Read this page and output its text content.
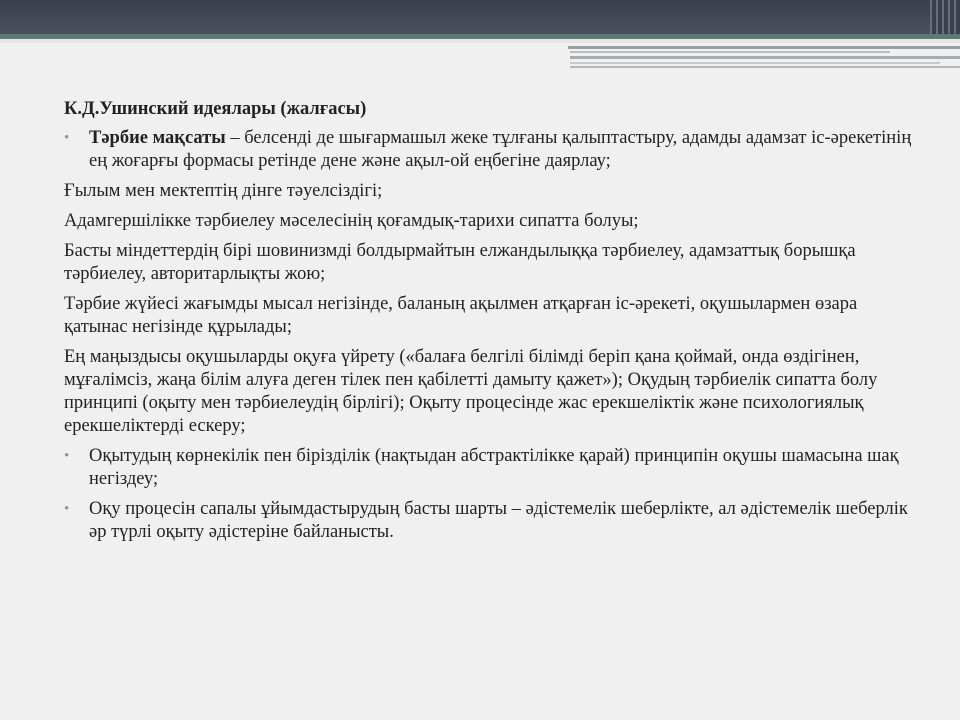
К.Д.Ушинский идеялары (жалғасы)

• Тәрбие мақсаты – белсенді де шығармашыл жеке тұлғаны қалыптастыру, адамды адамзат іс-әрекетінің ең жоғарғы формасы ретінде дене және ақыл-ой еңбегіне даярлау;

Ғылым мен мектептің дінге тәуелсіздігі;

Адамгершілікке тәрбиелеу мәселесінің қоғамдық-тарихи сипатта болуы;

Басты міндеттердің бірі шовинизмді болдырмайтын елжандылыққа тәрбиелеу, адамзаттық борышқа тәрбиелеу, авторитарлықты жою;

Тәрбие жүйесі жағымды мысал негізінде, баланың ақылмен атқарған іс-әрекеті, оқушылармен өзара қатынас негізінде құрылады;

Ең маңыздысы оқушыларды оқуға үйрету («балаға белгілі білімді беріп қана қоймай, онда өздігінен, мұғалімсіз, жаңа білім алуға деген тілек пен қабілетті дамыту қажет»); Оқудың тәрбиелік сипатта болу принципі (оқыту мен тәрбиелеудің бірлігі); Оқыту процесінде жас ерекшеліктік және психологиялық ерекшеліктерді ескеру;

• Оқытудың көрнекілік пен бірізділік (нақтыдан абстрактілікке қарай) принципін оқушы шамасына шақ негіздеу;
• Оқу процесін сапалы ұйымдастырудың басты шарты – әдістемелік шеберлікте, ал әдістемелік шеберлік әр түрлі оқыту әдістеріне байланысты.
